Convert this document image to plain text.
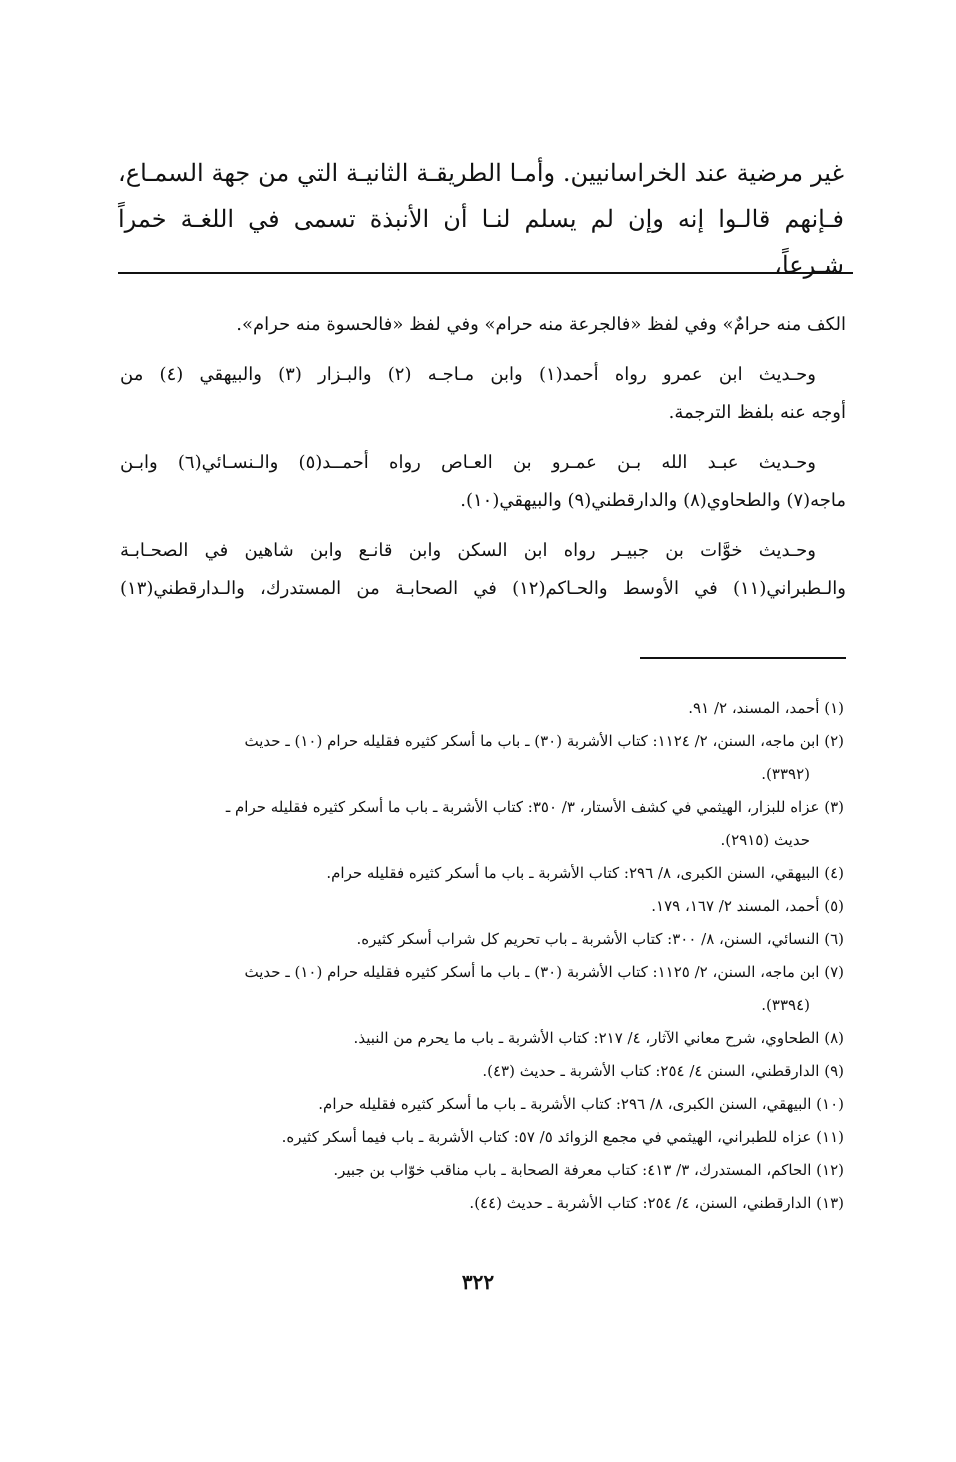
غير مرضية عند الخراسانيين. وأمـا الطريقـة الثانيـة التي من جهة السمـاع،

فـإنهم قالـوا إنه وإن لم يسلم لنـا أن الأنبذة تسمى في اللغـة خمراً شـرعاً،

الكف منه حرامٌ» وفي لفظ «فالجرعة منه حرام» وفي لفظ «فالحسوة منه حرام».

وحـديث ابن عمرو رواه أحمد(١) وابن مـاجـه (٢) والبـزار (٣) والبيهقي (٤) من

أوجه عنه بلفظ الترجمة.

وحـديث عبـد الله بـن عمـرو بن العـاص رواه أحمــد(٥) والـنسـائي(٦) وابـن

ماجه(٧) والطحاوي(٨) والدارقطني(٩) والبيهقي(١٠).

وحـديث خوَّات بن جبيـر رواه ابن السكن وابن قانـع وابن شاهين في الصحـابـة

والـطبراني(١١) في الأوسط والحـاكم(١٢) في الصحابـة من المستدرك، والـدارقطني(١٣)

(١) أحمد، المسند، ٢/ ٩١.

(٢) ابن ماجه، السنن، ٢/ ١١٢٤: كتاب الأشربة (٣٠) ـ باب ما أسكر كثيره فقليله حرام (١٠) ـ حديث

(٣٣٩٢).

(٣) عزاه للبزار، الهيثمي في كشف الأستار، ٣/ ٣٥٠: كتاب الأشربة ـ باب ما أسكر كثيره فقليله حرام ـ

حديث (٢٩١٥).

(٤) البيهقي، السنن الكبرى، ٨/ ٢٩٦: كتاب الأشربة ـ باب ما أسكر كثيره فقليله حرام.

(٥) أحمد، المسند ٢/ ١٦٧، ١٧٩.

(٦) النسائي، السنن، ٨/ ٣٠٠: كتاب الأشربة ـ باب تحريم كل شراب أسكر كثيره.

(٧) ابن ماجه، السنن، ٢/ ١١٢٥: كتاب الأشربة (٣٠) ـ باب ما أسكر كثيره فقليله حرام (١٠) ـ حديث

(٣٣٩٤).

(٨) الطحاوي، شرح معاني الآثار، ٤/ ٢١٧: كتاب الأشربة ـ باب ما يحرم من النبيذ.

(٩) الدارقطني، السنن ٤/ ٢٥٤: كتاب الأشربة ـ حديث (٤٣).

(١٠) البيهقي، السنن الكبرى، ٨/ ٢٩٦: كتاب الأشربة ـ باب ما أسكر كثيره فقليله حرام.

(١١) عزاه للطبراني، الهيثمي في مجمع الزوائد ٥/ ٥٧: كتاب الأشربة ـ باب فيما أسكر كثيره.

(١٢) الحاكم، المستدرك، ٣/ ٤١٣: كتاب معرفة الصحابة ـ باب مناقب خوّاب بن جبير.

(١٣) الدارقطني، السنن، ٤/ ٢٥٤: كتاب الأشربة ـ حديث (٤٤).

٣٢٢
